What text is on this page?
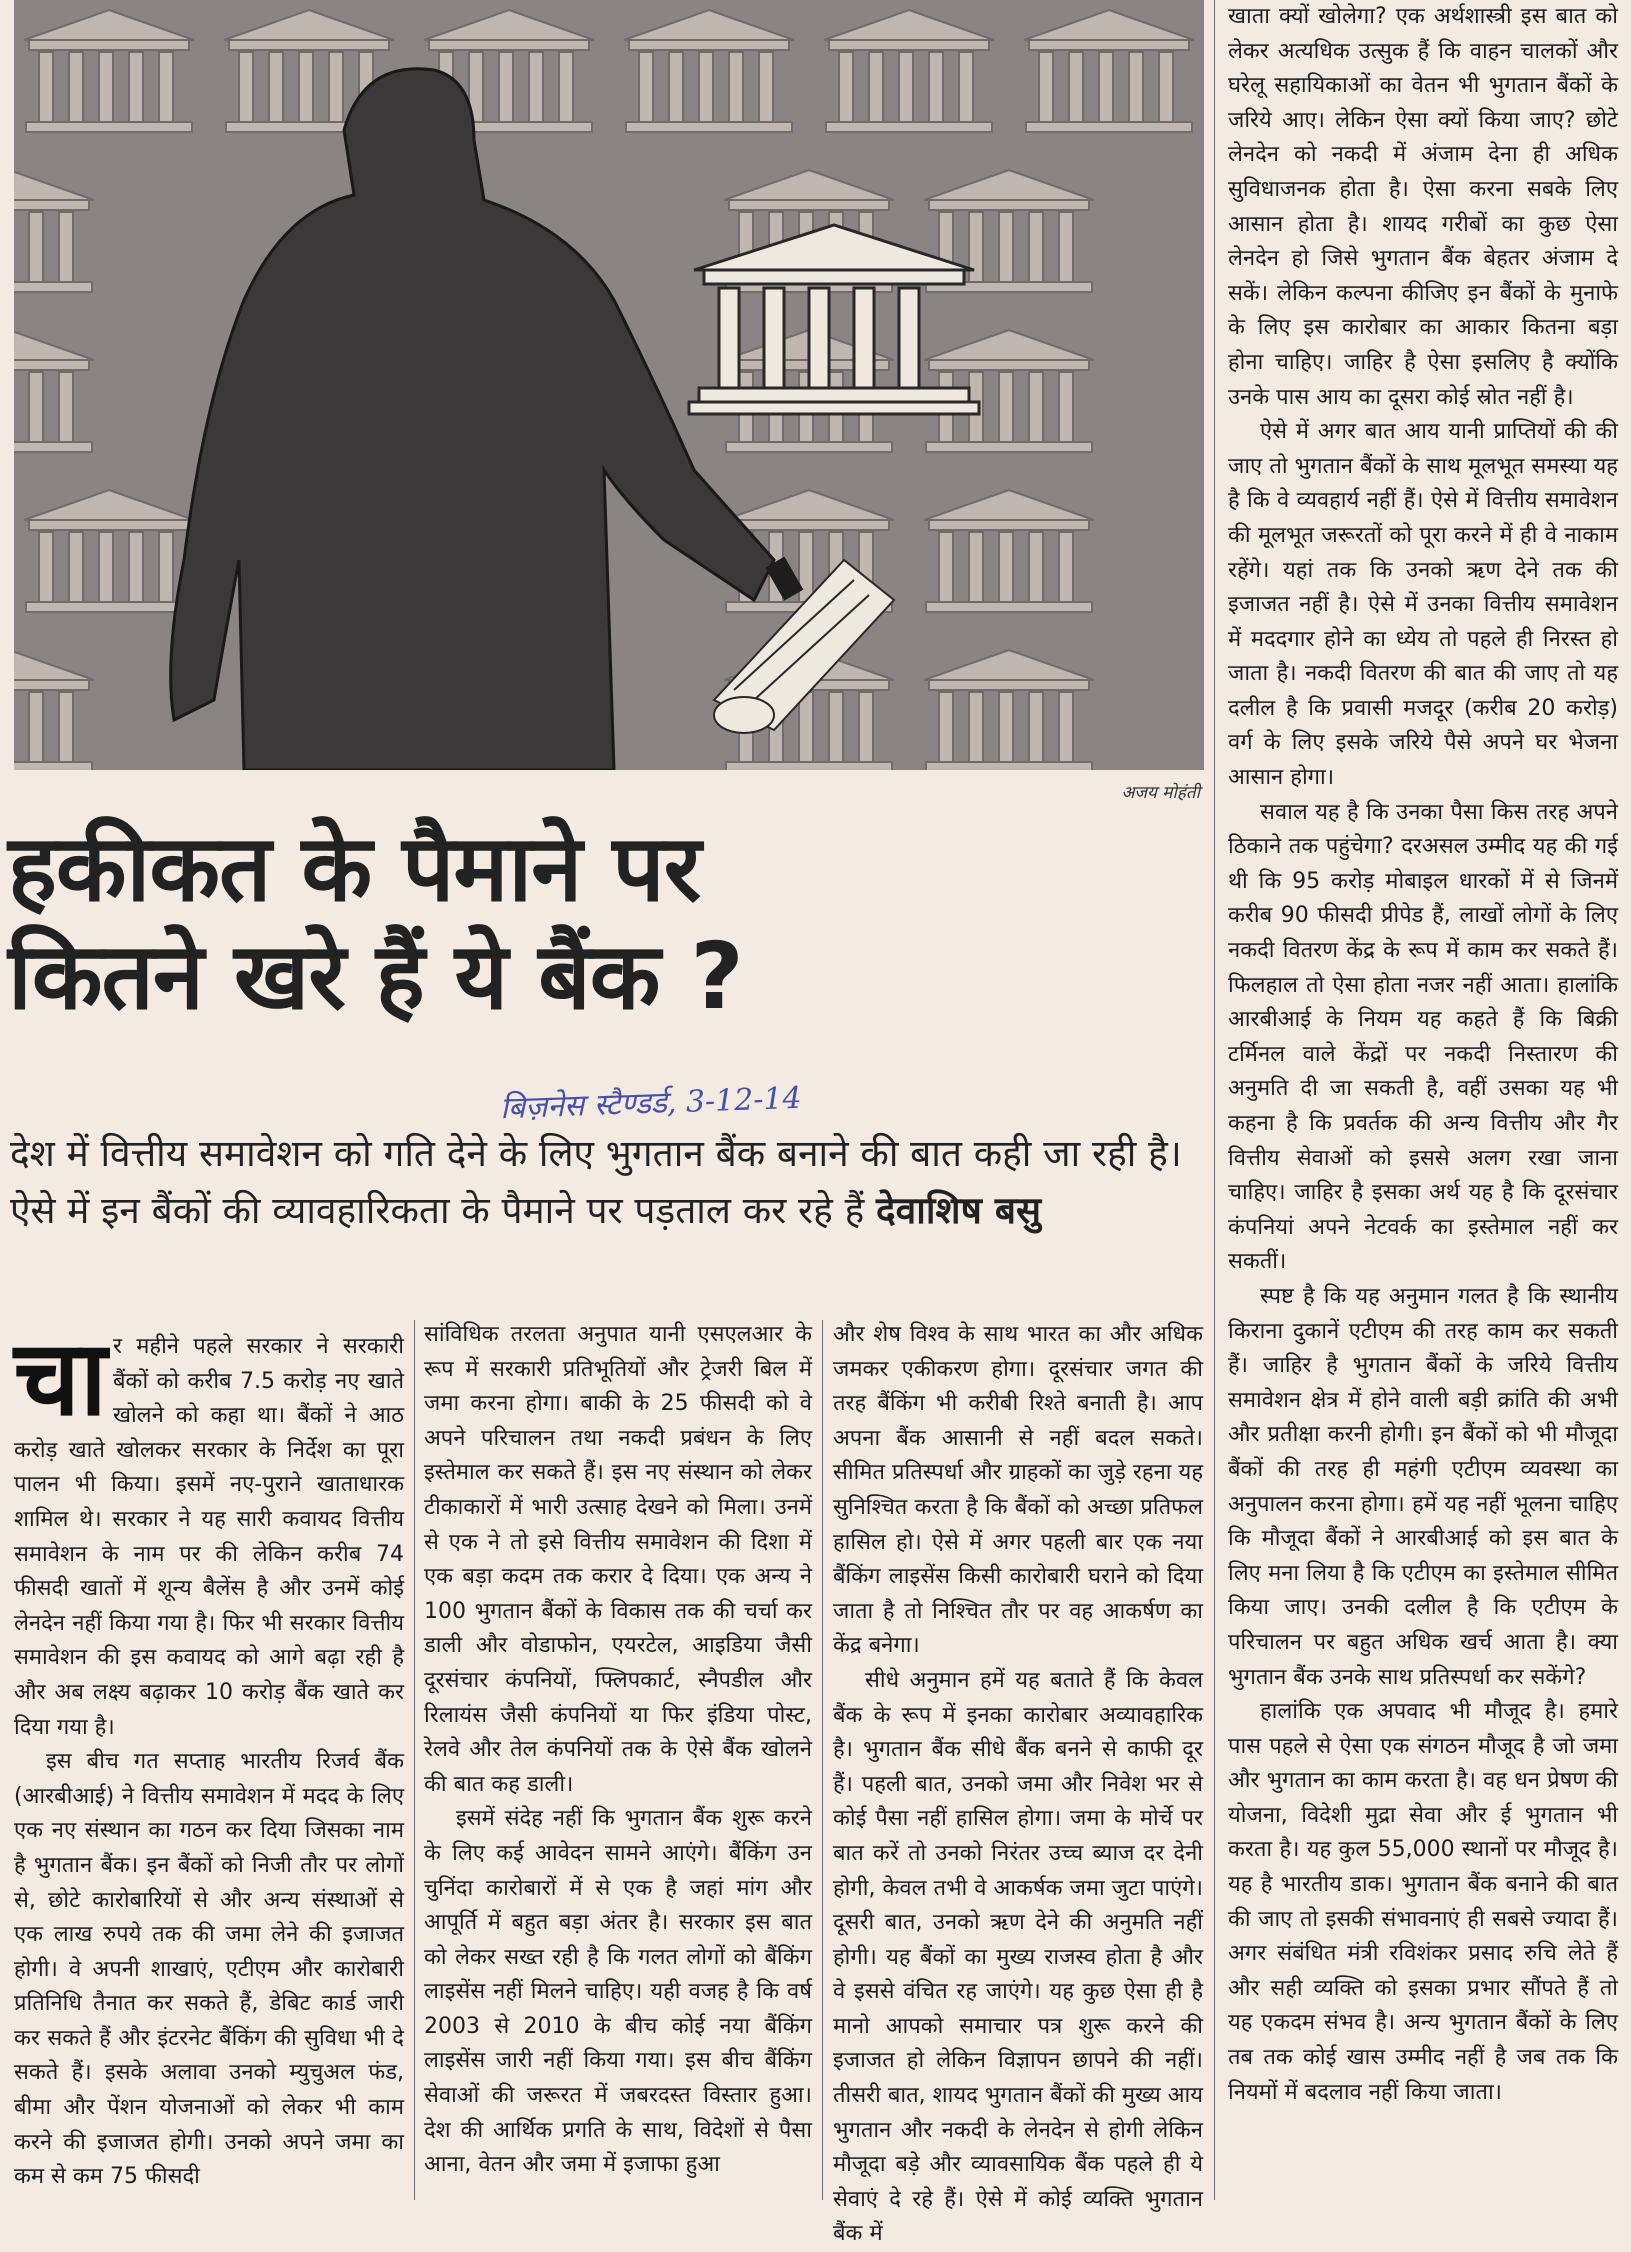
अजय मोहंती
हकीकत के पैमाने पर
कितने खरे हैं ये बैंक ?
बिज़नेस स्टैण्डर्ड, 3-12-14
देश में वित्तीय समावेशन को गति देने के लिए भुगतान बैंक बनाने की बात कही जा रही है। ऐसे में इन बैंकों की व्यावहारिकता के पैमाने पर पड़ताल कर रहे हैं देवाशिष बसु

चार महीने पहले सरकार ने सरकारी बैंकों को करीब 7.5 करोड़ नए खाते खोलने को कहा था। बैंकों ने आठ करोड़ खाते खोलकर सरकार के निर्देश का पूरा पालन भी किया। इसमें नए-पुराने खाताधारक शामिल थे। सरकार ने यह सारी कवायद वित्तीय समावेशन के नाम पर की लेकिन करीब 74 फीसदी खातों में शून्य बैलेंस है और उनमें कोई लेनदेन नहीं किया गया है। फिर भी सरकार वित्तीय समावेशन की इस कवायद को आगे बढ़ा रही है और अब लक्ष्य बढ़ाकर 10 करोड़ बैंक खाते कर दिया गया है।

इस बीच गत सप्ताह भारतीय रिजर्व बैंक (आरबीआई) ने वित्तीय समावेशन में मदद के लिए एक नए संस्थान का गठन कर दिया जिसका नाम है भुगतान बैंक। इन बैंकों को निजी तौर पर लोगों से, छोटे कारोबारियों से और अन्य संस्थाओं से एक लाख रुपये तक की जमा लेने की इजाजत होगी। वे अपनी शाखाएं, एटीएम और कारोबारी प्रतिनिधि तैनात कर सकते हैं, डेबिट कार्ड जारी कर सकते हैं और इंटरनेट बैंकिंग की सुविधा भी दे सकते हैं। इसके अलावा उनको म्युचुअल फंड, बीमा और पेंशन योजनाओं को लेकर भी काम करने की इजाजत होगी। उनको अपने जमा का कम से कम 75 फीसदी

सांविधिक तरलता अनुपात यानी एसएलआर के रूप में सरकारी प्रतिभूतियों और ट्रेजरी बिल में जमा करना होगा। बाकी के 25 फीसदी को वे अपने परिचालन तथा नकदी प्रबंधन के लिए इस्तेमाल कर सकते हैं। इस नए संस्थान को लेकर टीकाकारों में भारी उत्साह देखने को मिला। उनमें से एक ने तो इसे वित्तीय समावेशन की दिशा में एक बड़ा कदम तक करार दे दिया। एक अन्य ने 100 भुगतान बैंकों के विकास तक की चर्चा कर डाली और वोडाफोन, एयरटेल, आइडिया जैसी दूरसंचार कंपनियों, फ्लिपकार्ट, स्नैपडील और रिलायंस जैसी कंपनियों या फिर इंडिया पोस्ट, रेलवे और तेल कंपनियों तक के ऐसे बैंक खोलने की बात कह डाली।

इसमें संदेह नहीं कि भुगतान बैंक शुरू करने के लिए कई आवेदन सामने आएंगे। बैंकिंग उन चुनिंदा कारोबारों में से एक है जहां मांग और आपूर्ति में बहुत बड़ा अंतर है। सरकार इस बात को लेकर सख्त रही है कि गलत लोगों को बैंकिंग लाइसेंस नहीं मिलने चाहिए। यही वजह है कि वर्ष 2003 से 2010 के बीच कोई नया बैंकिंग लाइसेंस जारी नहीं किया गया। इस बीच बैंकिंग सेवाओं की जरूरत में जबरदस्त विस्तार हुआ। देश की आर्थिक प्रगति के साथ, विदेशों से पैसा आना, वेतन और जमा में इजाफा हुआ

और शेष विश्व के साथ भारत का और अधिक जमकर एकीकरण होगा। दूरसंचार जगत की तरह बैंकिंग भी करीबी रिश्ते बनाती है। आप अपना बैंक आसानी से नहीं बदल सकते। सीमित प्रतिस्पर्धा और ग्राहकों का जुड़े रहना यह सुनिश्चित करता है कि बैंकों को अच्छा प्रतिफल हासिल हो। ऐसे में अगर पहली बार एक नया बैंकिंग लाइसेंस किसी कारोबारी घराने को दिया जाता है तो निश्चित तौर पर वह आकर्षण का केंद्र बनेगा।

सीधे अनुमान हमें यह बताते हैं कि केवल बैंक के रूप में इनका कारोबार अव्यावहारिक है। भुगतान बैंक सीधे बैंक बनने से काफी दूर हैं। पहली बात, उनको जमा और निवेश भर से कोई पैसा नहीं हासिल होगा। जमा के मोर्चे पर बात करें तो उनको निरंतर उच्च ब्याज दर देनी होगी, केवल तभी वे आकर्षक जमा जुटा पाएंगे। दूसरी बात, उनको ऋण देने की अनुमति नहीं होगी। यह बैंकों का मुख्य राजस्व होता है और वे इससे वंचित रह जाएंगे। यह कुछ ऐसा ही है मानो आपको समाचार पत्र शुरू करने की इजाजत हो लेकिन विज्ञापन छापने की नहीं। तीसरी बात, शायद भुगतान बैंकों की मुख्य आय भुगतान और नकदी के लेनदेन से होगी लेकिन मौजूदा बड़े और व्यावसायिक बैंक पहले ही ये सेवाएं दे रहे हैं। ऐसे में कोई व्यक्ति भुगतान बैंक में

खाता क्यों खोलेगा? एक अर्थशास्त्री इस बात को लेकर अत्यधिक उत्सुक हैं कि वाहन चालकों और घरेलू सहायिकाओं का वेतन भी भुगतान बैंकों के जरिये आए। लेकिन ऐसा क्यों किया जाए? छोटे लेनदेन को नकदी में अंजाम देना ही अधिक सुविधाजनक होता है। ऐसा करना सबके लिए आसान होता है। शायद गरीबों का कुछ ऐसा लेनदेन हो जिसे भुगतान बैंक बेहतर अंजाम दे सकें। लेकिन कल्पना कीजिए इन बैंकों के मुनाफे के लिए इस कारोबार का आकार कितना बड़ा होना चाहिए। जाहिर है ऐसा इसलिए है क्योंकि उनके पास आय का दूसरा कोई स्रोत नहीं है।

ऐसे में अगर बात आय यानी प्राप्तियों की की जाए तो भुगतान बैंकों के साथ मूलभूत समस्या यह है कि वे व्यवहार्य नहीं हैं। ऐसे में वित्तीय समावेशन की मूलभूत जरूरतों को पूरा करने में ही वे नाकाम रहेंगे। यहां तक कि उनको ऋण देने तक की इजाजत नहीं है। ऐसे में उनका वित्तीय समावेशन में मददगार होने का ध्येय तो पहले ही निरस्त हो जाता है। नकदी वितरण की बात की जाए तो यह दलील है कि प्रवासी मजदूर (करीब 20 करोड़) वर्ग के लिए इसके जरिये पैसे अपने घर भेजना आसान होगा।

सवाल यह है कि उनका पैसा किस तरह अपने ठिकाने तक पहुंचेगा? दरअसल उम्मीद यह की गई थी कि 95 करोड़ मोबाइल धारकों में से जिनमें करीब 90 फीसदी प्रीपेड हैं, लाखों लोगों के लिए नकदी वितरण केंद्र के रूप में काम कर सकते हैं। फिलहाल तो ऐसा होता नजर नहीं आता। हालांकि आरबीआई के नियम यह कहते हैं कि बिक्री टर्मिनल वाले केंद्रों पर नकदी निस्तारण की अनुमति दी जा सकती है, वहीं उसका यह भी कहना है कि प्रवर्तक की अन्य वित्तीय और गैर वित्तीय सेवाओं को इससे अलग रखा जाना चाहिए। जाहिर है इसका अर्थ यह है कि दूरसंचार कंपनियां अपने नेटवर्क का इस्तेमाल नहीं कर सकतीं।

स्पष्ट है कि यह अनुमान गलत है कि स्थानीय किराना दुकानें एटीएम की तरह काम कर सकती हैं। जाहिर है भुगतान बैंकों के जरिये वित्तीय समावेशन क्षेत्र में होने वाली बड़ी क्रांति की अभी और प्रतीक्षा करनी होगी। इन बैंकों को भी मौजूदा बैंकों की तरह ही महंगी एटीएम व्यवस्था का अनुपालन करना होगा। हमें यह नहीं भूलना चाहिए कि मौजूदा बैंकों ने आरबीआई को इस बात के लिए मना लिया है कि एटीएम का इस्तेमाल सीमित किया जाए। उनकी दलील है कि एटीएम के परिचालन पर बहुत अधिक खर्च आता है। क्या भुगतान बैंक उनके साथ प्रतिस्पर्धा कर सकेंगे?

हालांकि एक अपवाद भी मौजूद है। हमारे पास पहले से ऐसा एक संगठन मौजूद है जो जमा और भुगतान का काम करता है। वह धन प्रेषण की योजना, विदेशी मुद्रा सेवा और ई भुगतान भी करता है। यह कुल 55,000 स्थानों पर मौजूद है। यह है भारतीय डाक। भुगतान बैंक बनाने की बात की जाए तो इसकी संभावनाएं ही सबसे ज्यादा हैं। अगर संबंधित मंत्री रविशंकर प्रसाद रुचि लेते हैं और सही व्यक्ति को इसका प्रभार सौंपते हैं तो यह एकदम संभव है। अन्य भुगतान बैंकों के लिए तब तक कोई खास उम्मीद नहीं है जब तक कि नियमों में बदलाव नहीं किया जाता।
